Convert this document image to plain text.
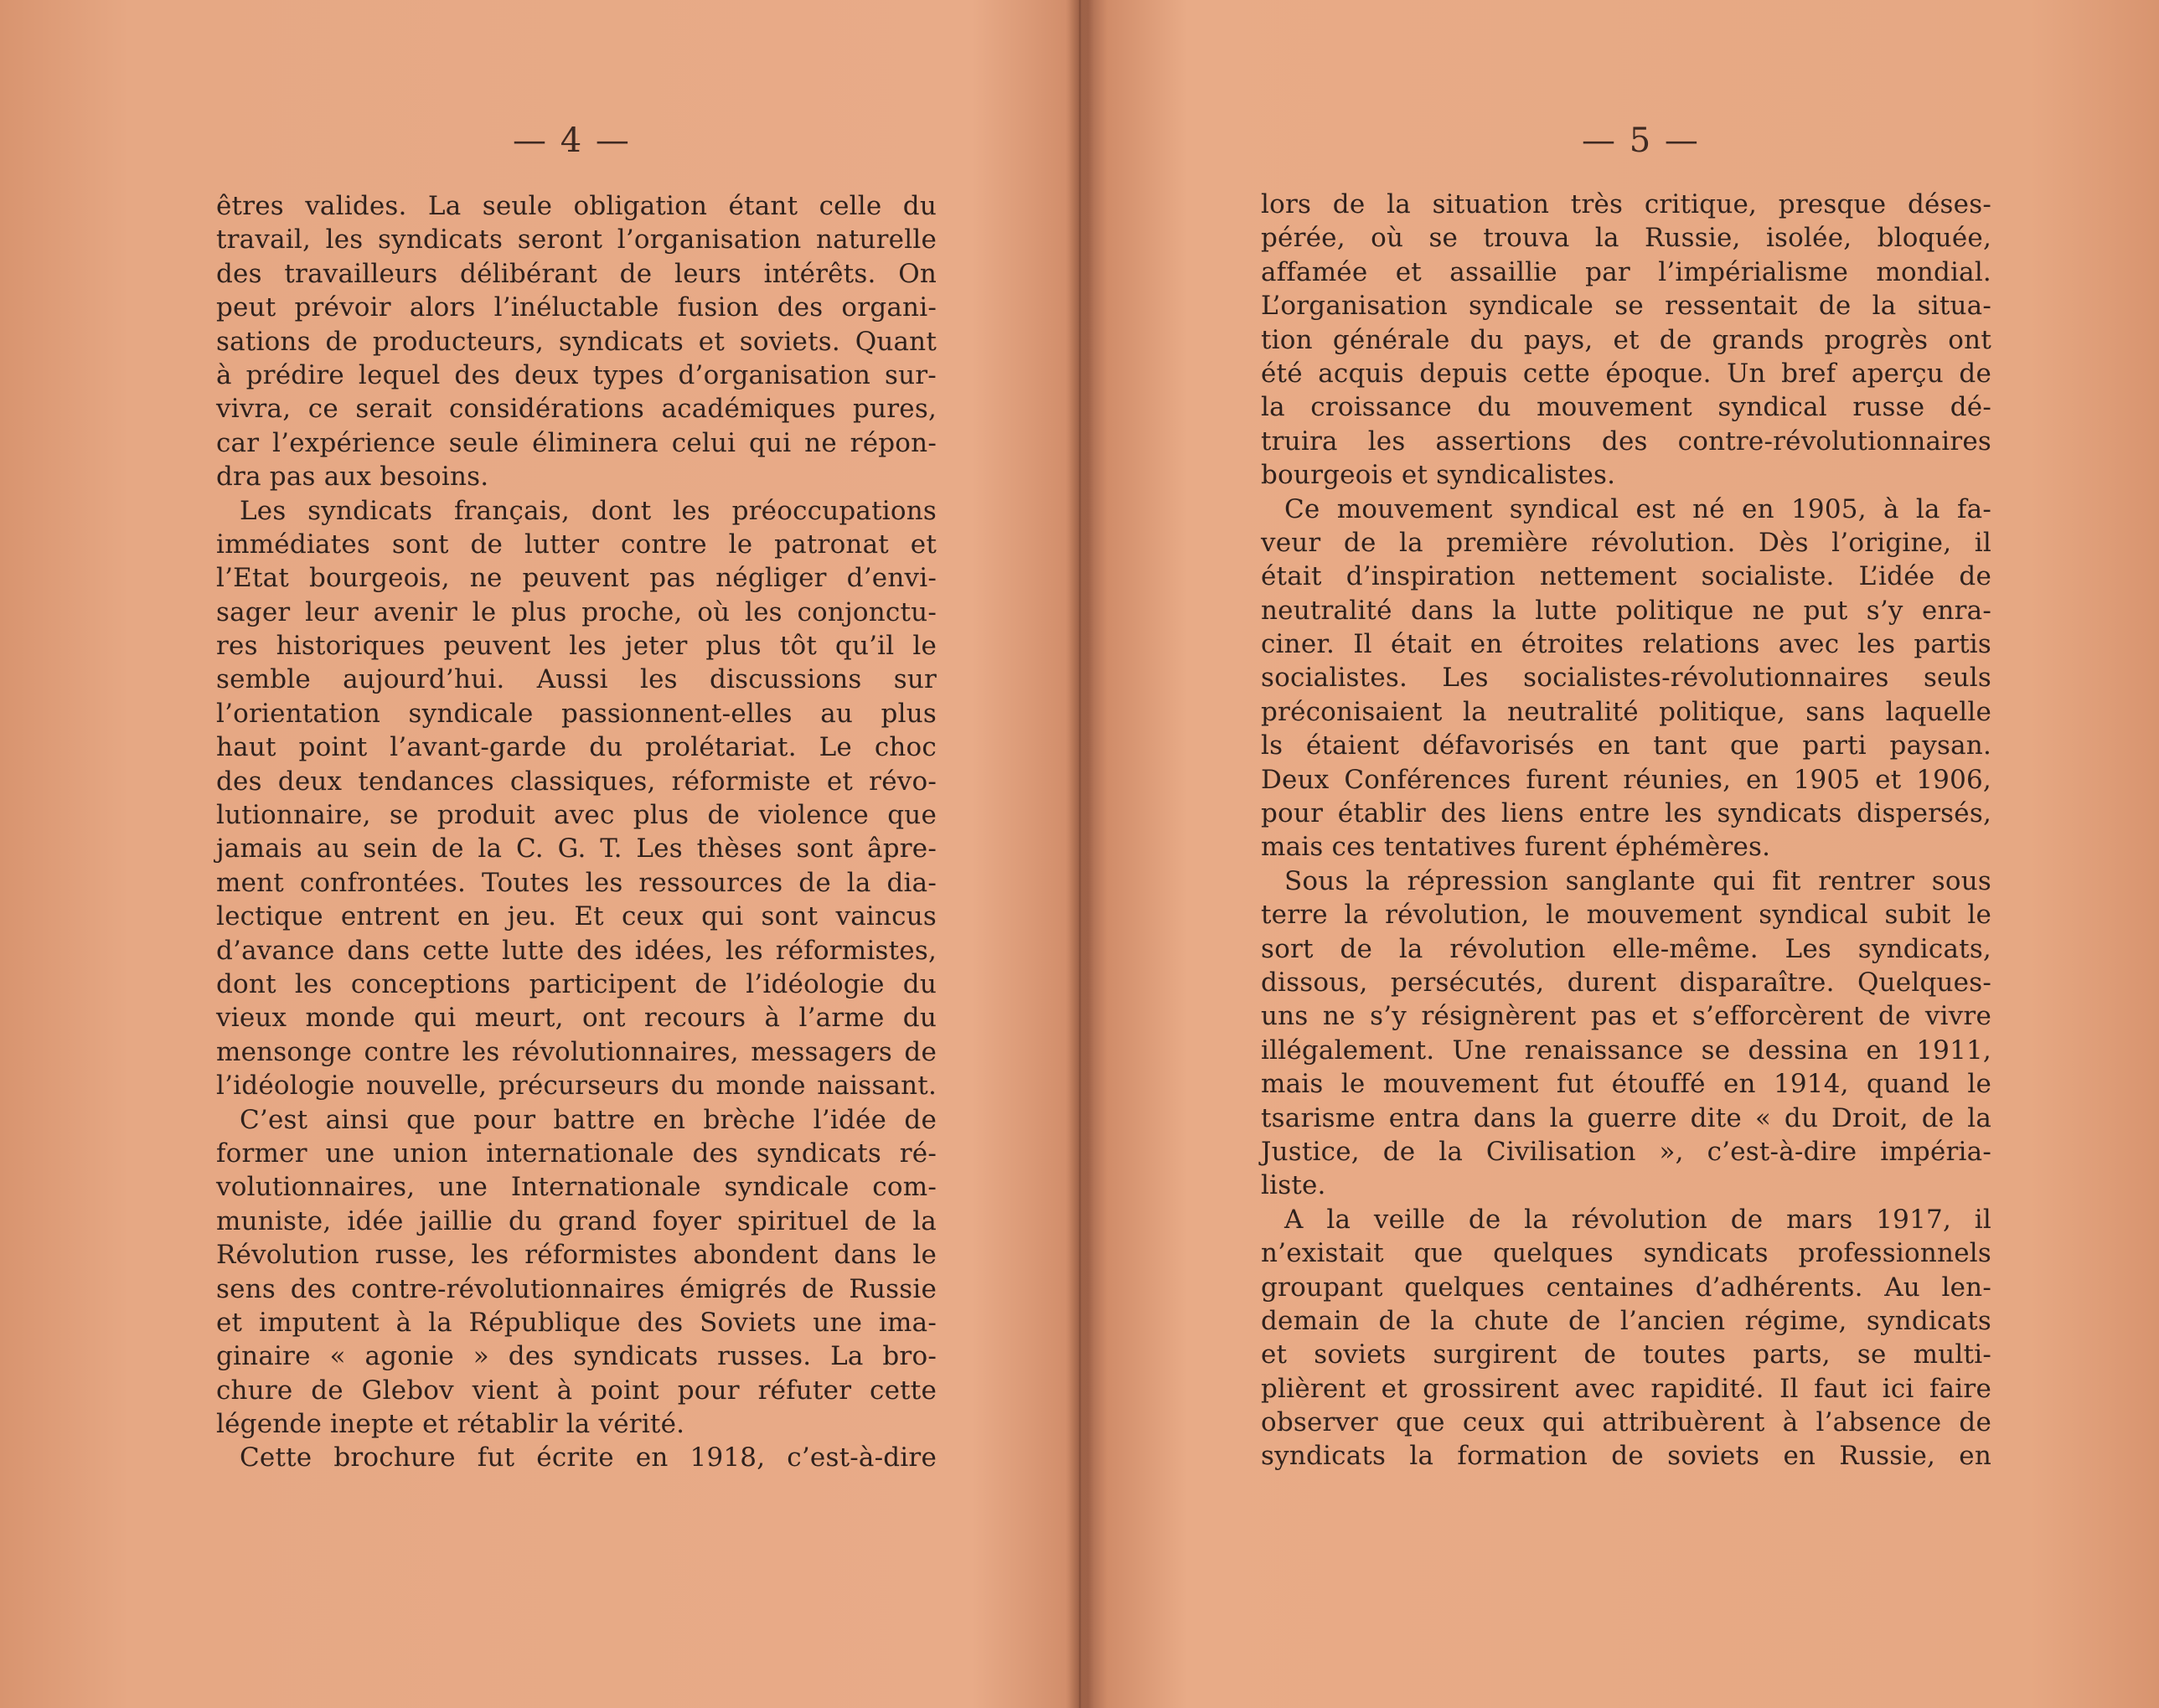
— 4 —
êtres valides. La seule obligation étant celle du
travail, les syndicats seront l’organisation naturelle
des travailleurs délibérant de leurs intérêts. On
peut prévoir alors l’inéluctable fusion des organi-
sations de producteurs, syndicats et soviets. Quant
à prédire lequel des deux types d’organisation sur-
vivra, ce serait considérations académiques pures,
car l’expérience seule éliminera celui qui ne répon-
dra pas aux besoins.
Les syndicats français, dont les préoccupations
immédiates sont de lutter contre le patronat et
l’Etat bourgeois, ne peuvent pas négliger d’envi-
sager leur avenir le plus proche, où les conjonctu-
res historiques peuvent les jeter plus tôt qu’il le
semble aujourd’hui. Aussi les discussions sur
l’orientation syndicale passionnent-elles au plus
haut point l’avant-garde du prolétariat. Le choc
des deux tendances classiques, réformiste et révo-
lutionnaire, se produit avec plus de violence que
jamais au sein de la C. G. T. Les thèses sont âpre-
ment confrontées. Toutes les ressources de la dia-
lectique entrent en jeu. Et ceux qui sont vaincus
d’avance dans cette lutte des idées, les réformistes,
dont les conceptions participent de l’idéologie du
vieux monde qui meurt, ont recours à l’arme du
mensonge contre les révolutionnaires, messagers de
l’idéologie nouvelle, précurseurs du monde naissant.
C’est ainsi que pour battre en brèche l’idée de
former une union internationale des syndicats ré-
volutionnaires, une Internationale syndicale com-
muniste, idée jaillie du grand foyer spirituel de la
Révolution russe, les réformistes abondent dans le
sens des contre-révolutionnaires émigrés de Russie
et imputent à la République des Soviets une ima-
ginaire « agonie » des syndicats russes. La bro-
chure de Glebov vient à point pour réfuter cette
légende inepte et rétablir la vérité.
Cette brochure fut écrite en 1918, c’est-à-dire
— 5 —
lors de la situation très critique, presque déses-
pérée, où se trouva la Russie, isolée, bloquée,
affamée et assaillie par l’impérialisme mondial.
L’organisation syndicale se ressentait de la situa-
tion générale du pays, et de grands progrès ont
été acquis depuis cette époque. Un bref aperçu de
la croissance du mouvement syndical russe dé-
truira les assertions des contre-révolutionnaires
bourgeois et syndicalistes.
Ce mouvement syndical est né en 1905, à la fa-
veur de la première révolution. Dès l’origine, il
était d’inspiration nettement socialiste. L’idée de
neutralité dans la lutte politique ne put s’y enra-
ciner. Il était en étroites relations avec les partis
socialistes. Les socialistes-révolutionnaires seuls
préconisaient la neutralité politique, sans laquelle
ls étaient défavorisés en tant que parti paysan.
Deux Conférences furent réunies, en 1905 et 1906,
pour établir des liens entre les syndicats dispersés,
mais ces tentatives furent éphémères.
Sous la répression sanglante qui fit rentrer sous
terre la révolution, le mouvement syndical subit le
sort de la révolution elle-même. Les syndicats,
dissous, persécutés, durent disparaître. Quelques-
uns ne s’y résignèrent pas et s’efforcèrent de vivre
illégalement. Une renaissance se dessina en 1911,
mais le mouvement fut étouffé en 1914, quand le
tsarisme entra dans la guerre dite « du Droit, de la
Justice, de la Civilisation », c’est-à-dire impéria-
liste.
A la veille de la révolution de mars 1917, il
n’existait que quelques syndicats professionnels
groupant quelques centaines d’adhérents. Au len-
demain de la chute de l’ancien régime, syndicats
et soviets surgirent de toutes parts, se multi-
plièrent et grossirent avec rapidité. Il faut ici faire
observer que ceux qui attribuèrent à l’absence de
syndicats la formation de soviets en Russie, en
